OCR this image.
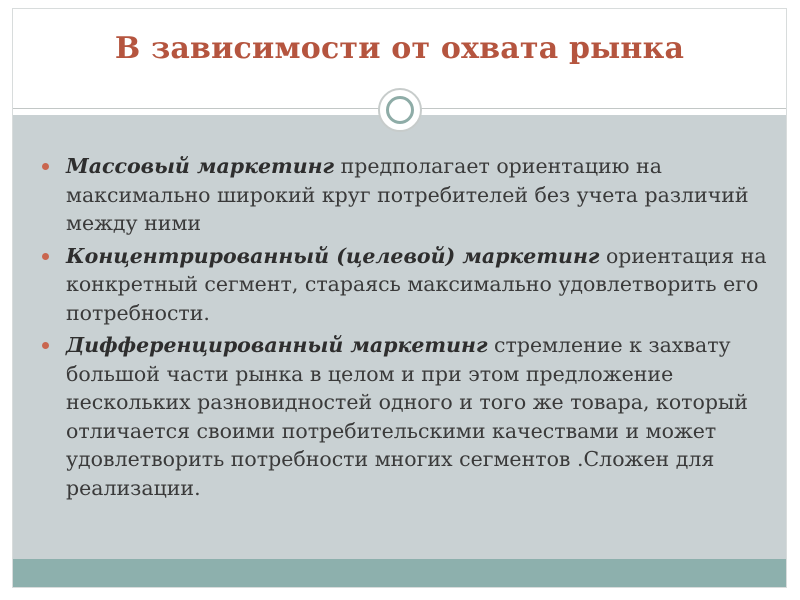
В зависимости от охвата рынка
Массовый маркетинг предполагает ориентацию на максимально широкий круг потребителей без учета различий между ними
Концентрированный (целевой) маркетинг ориентация на конкретный сегмент, стараясь максимально удовлетворить его потребности.
Дифференцированный маркетинг стремление к захвату большой части рынка в целом и при этом предложение нескольких разновидностей одного и того же товара, который отличается своими потребительскими качествами и может удовлетворить потребности многих сегментов .Сложен для реализации.
